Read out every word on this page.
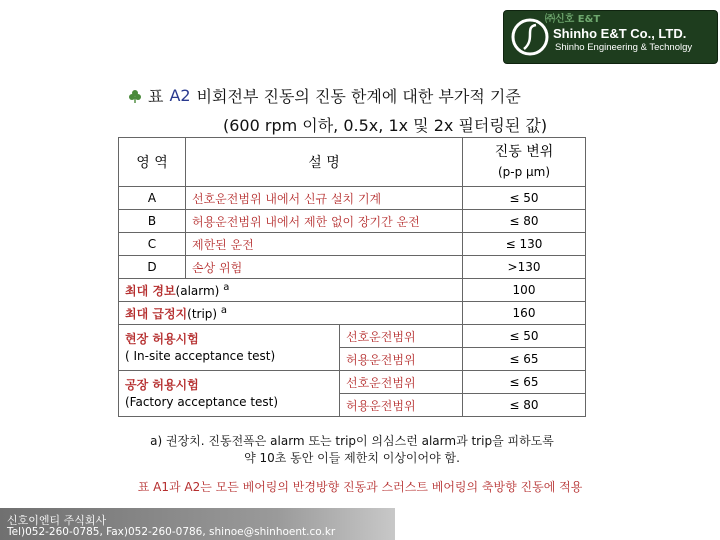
㈜신호 E&T
Shinho E&T Co., LTD.
Shinho Engineering & Technolgy
표 A2 비회전부 진동의 진동 한계에 대한 부가적 기준
(600 rpm 이하, 0.5x, 1x 및 2x 필터링된 값)
영 역	설 명		진동 변위
(p-p μm)
A	선호운전범위 내에서 신규 설치 기계		≤ 50
B	허용운전범위 내에서 제한 없이 장기간 운전		≤ 80
C	제한된 운전		≤ 130
D	손상 위험		>130
최대 경보(alarm) $^a$			100
최대 급정지(trip) $^a$			160
현장 허용시험
( In-site acceptance test)		선호운전범위	≤ 50
		허용운전범위	≤ 65
공장 허용시험
(Factory acceptance test)		선호운전범위	≤ 65
		허용운전범위	≤ 80
a) 권장치. 진동전폭은 alarm 또는 trip이 의심스런 alarm과 trip을 피하도록
약 10초 동안 이들 제한치 이상이어야 함.
표 A1과 A2는 모든 베어링의 반경방향 진동과 스러스트 베어링의 축방향 진동에 적용
신호이엔티 주식회사
Tel)052-260-0785, Fax)052-260-0786, shinoe@shinhoent.co.kr
